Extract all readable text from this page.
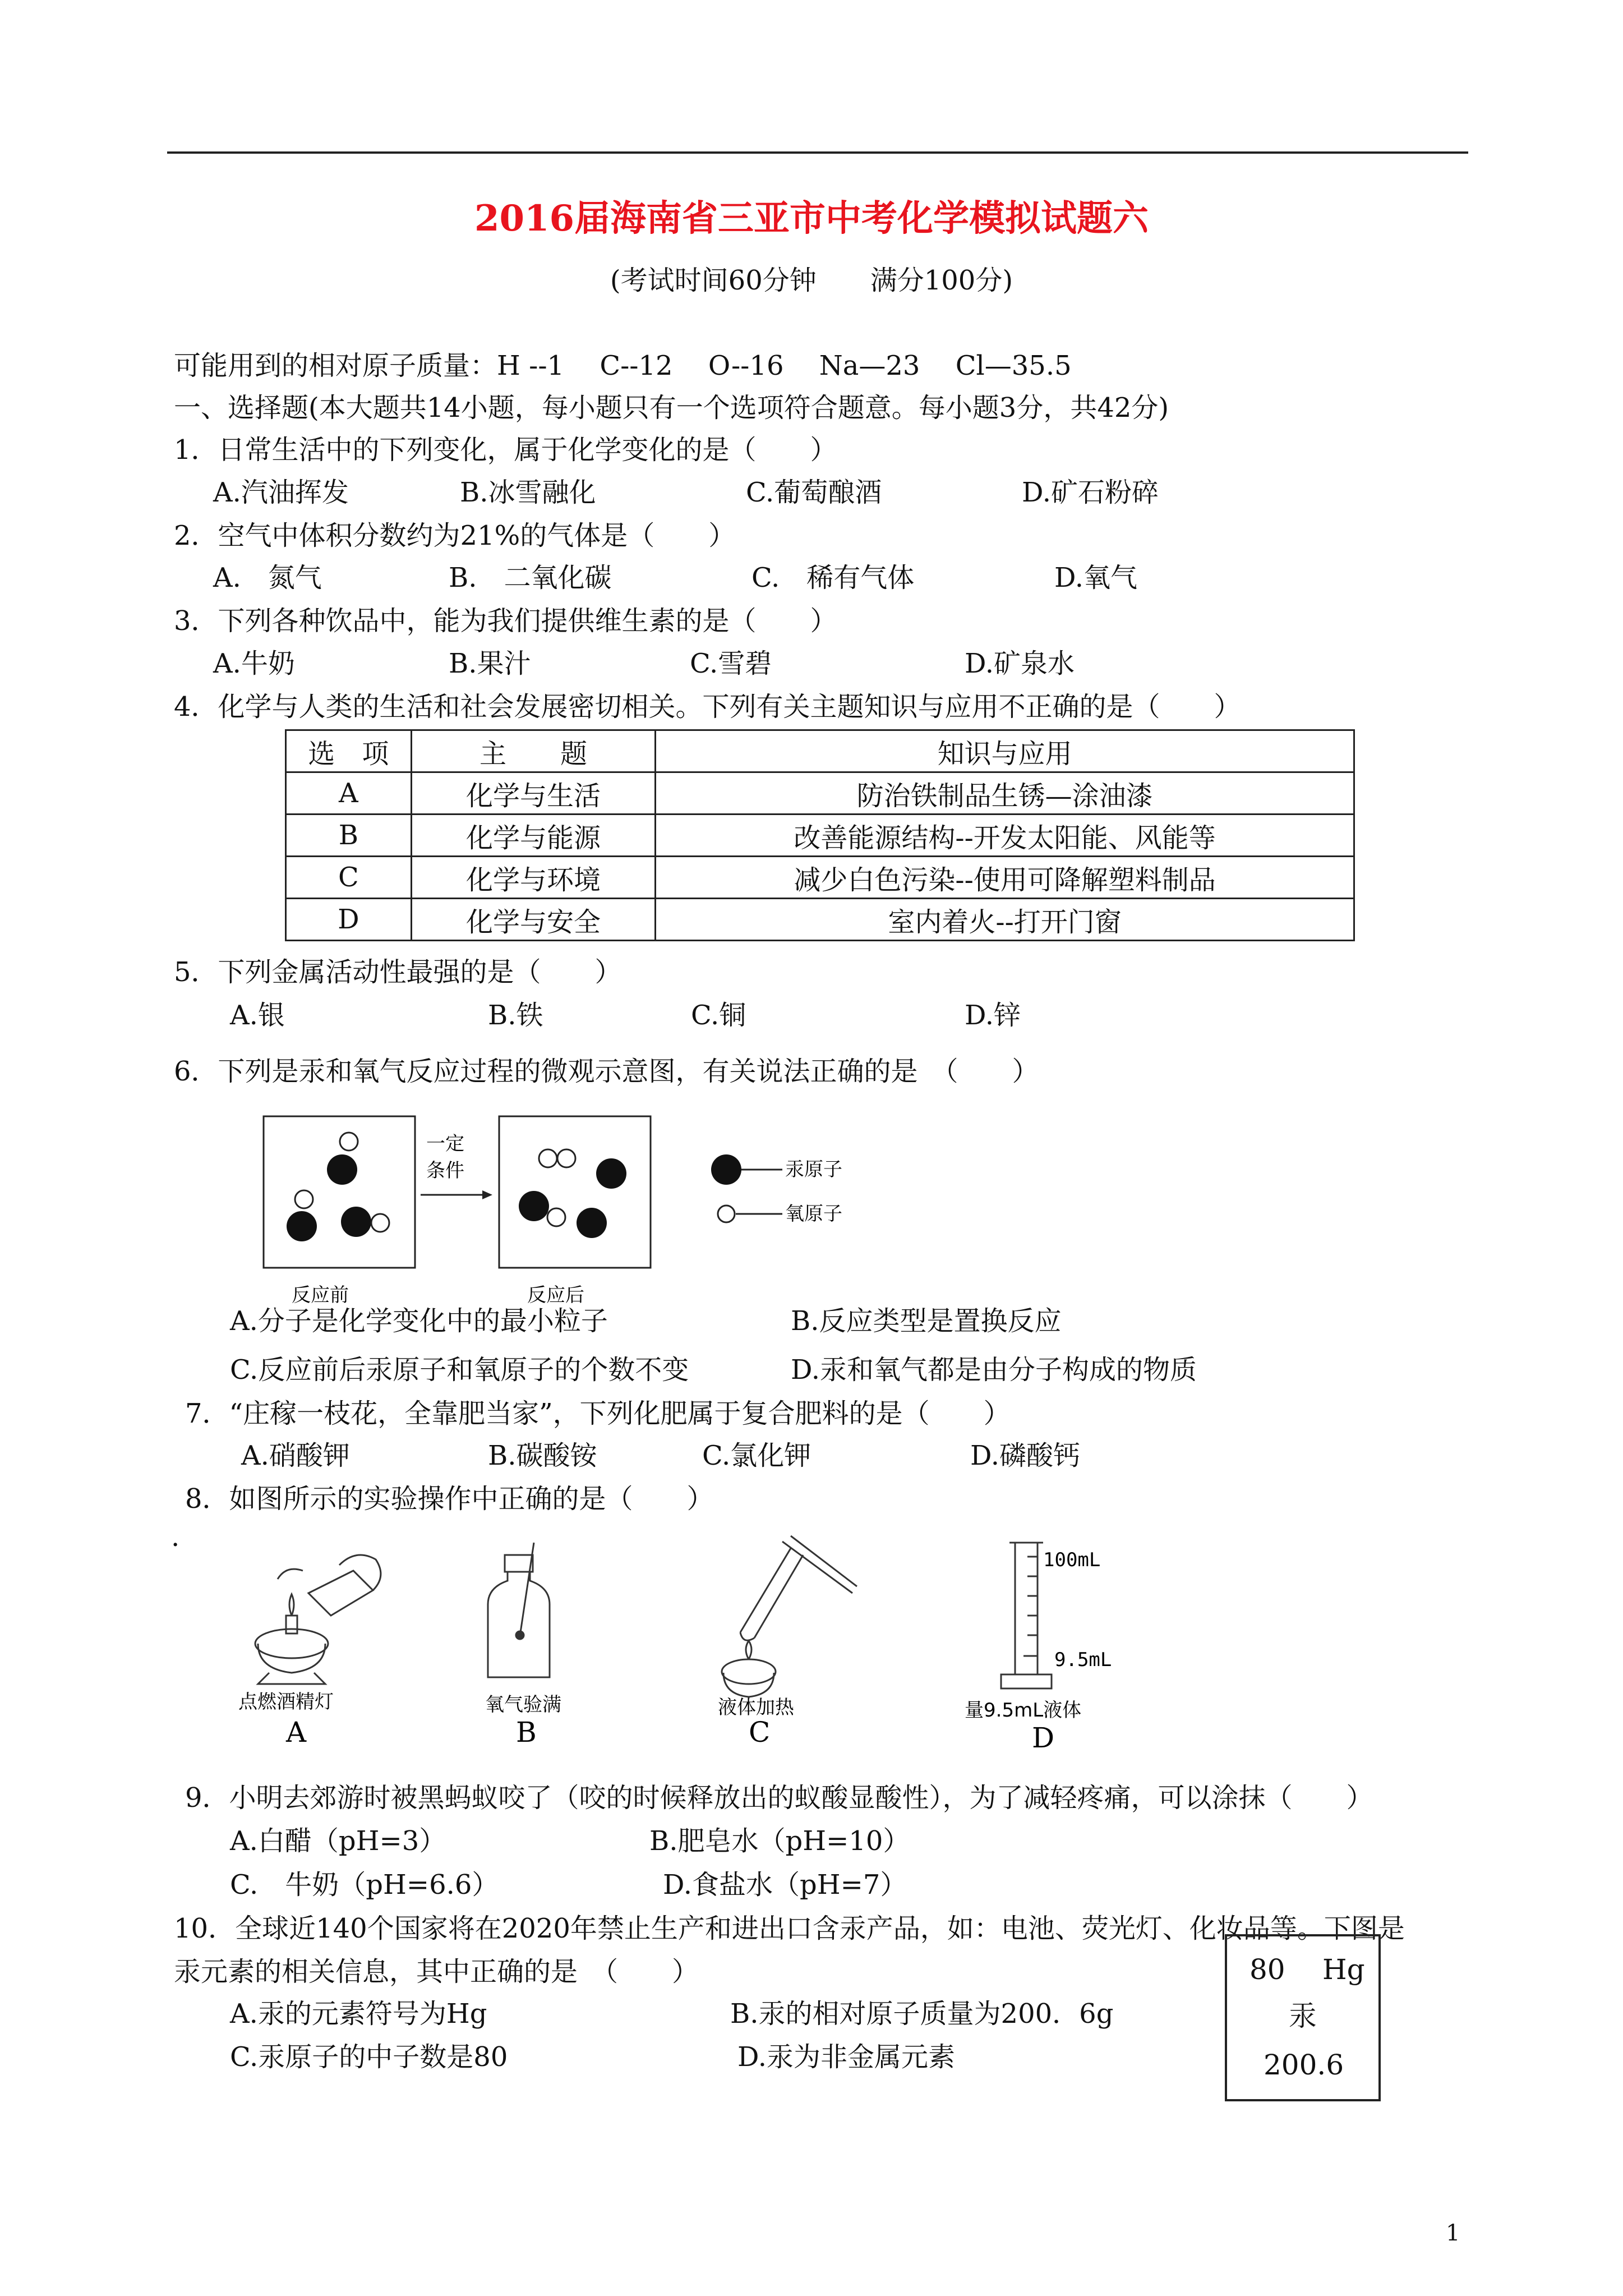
2016届海南省三亚市中考化学模拟试题六
(考试时间60分钟　　满分100分)
可能用到的相对原子质量：H --1　 C--12　 O--16　 Na—23　 Cl—35.5
一、选择题(本大题共14小题，每小题只有一个选项符合题意。每小题3分，共42分)
1．日常生活中的下列变化，属于化学变化的是（　　）
A.汽油挥发	B.冰雪融化	C.葡萄酿酒	D.矿石粉碎
2．空气中体积分数约为21%的气体是（　　）
A.　氮气	B.　二氧化碳	C.　稀有气体	D.氧气
3．下列各种饮品中，能为我们提供维生素的是（　　）
A.牛奶	B.果汁	C.雪碧	D.矿泉水
4．化学与人类的生活和社会发展密切相关。下列有关主题知识与应用不正确的是（　　）
选　项	主　　题	知识与应用
A	化学与生活	防治铁制品生锈—涂油漆
B	化学与能源	改善能源结构--开发太阳能、风能等
C	化学与环境	减少白色污染--使用可降解塑料制品
D	化学与安全	室内着火--打开门窗
5．下列金属活动性最强的是（　　）
A.银	B.铁	C.铜	D.锌
6．下列是汞和氧气反应过程的微观示意图，有关说法正确的是　（　　）
一定
条件
反应前	反应后
汞原子
氧原子
A.分子是化学变化中的最小粒子	B.反应类型是置换反应
C.反应前后汞原子和氧原子的个数不变	D.汞和氧气都是由分子构成的物质
7．“庄稼一枝花，全靠肥当家”，下列化肥属于复合肥料的是（　　）
A.硝酸钾	B.碳酸铵	C.氯化钾	D.磷酸钙
8．如图所示的实验操作中正确的是（　　）
.
点燃酒精灯
A
氧气验满
B
液体加热
C
100mL
9.5mL
量9.5mL液体
D
9．小明去郊游时被黑蚂蚁咬了（咬的时候释放出的蚁酸显酸性），为了减轻疼痛，可以涂抹（　　）
A.白醋（pH=3）	B.肥皂水（pH=10）
C.　牛奶（pH=6.6）	D.食盐水（pH=7）
10．全球近140个国家将在2020年禁止生产和进出口含汞产品，如：电池、荧光灯、化妆品等。下图是
汞元素的相关信息，其中正确的是　（　　）
A.汞的元素符号为Hg	B.汞的相对原子质量为200．6g
C.汞原子的中子数是80	D.汞为非金属元素
80 Hg
汞
200.6
1
